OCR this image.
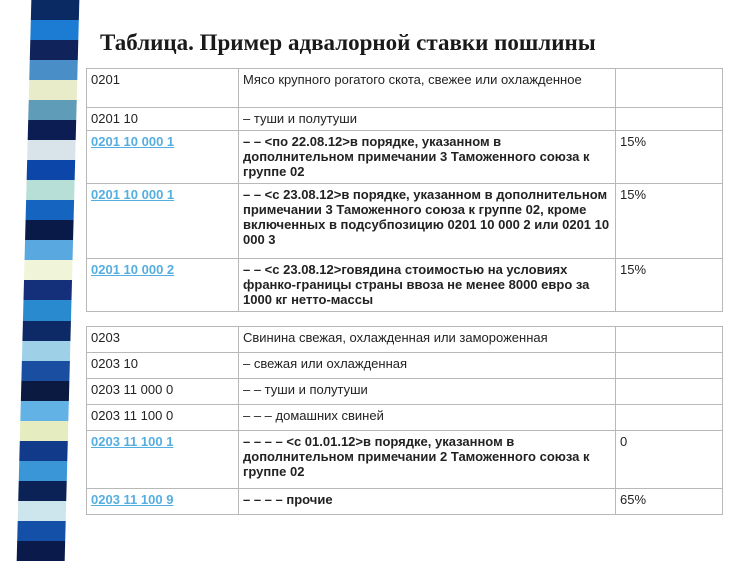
Таблица. Пример адвалорной ставки пошлины
0201	Мясо крупного рогатого скота, свежее или охлажденное	
0201 10	– туши и полутуши	
0201 10 000 1	– – <по 22.08.12>в порядке, указанном в дополнительном примечании 3 Таможенного союза к группе 02	15%
0201 10 000 1	– – <с 23.08.12>в порядке, указанном в дополнительном примечании 3 Таможенного союза к группе 02, кроме включенных в подсубпозицию 0201 10 000 2 или 0201 10 000 3	15%
0201 10 000 2	– – <с 23.08.12>говядина стоимостью на условиях франко-границы страны ввоза не менее 8000 евро за 1000 кг нетто-массы	15%
0203	Свинина свежая, охлажденная или замороженная	
0203 10	– свежая или охлажденная	
0203 11 000 0	– – туши и полутуши	
0203 11 100 0	– – – домашних свиней	
0203 11 100 1	– – – – <с 01.01.12>в порядке, указанном в дополнительном примечании 2 Таможенного союза к группе 02	0
0203 11 100 9	– – – – прочие	65%
